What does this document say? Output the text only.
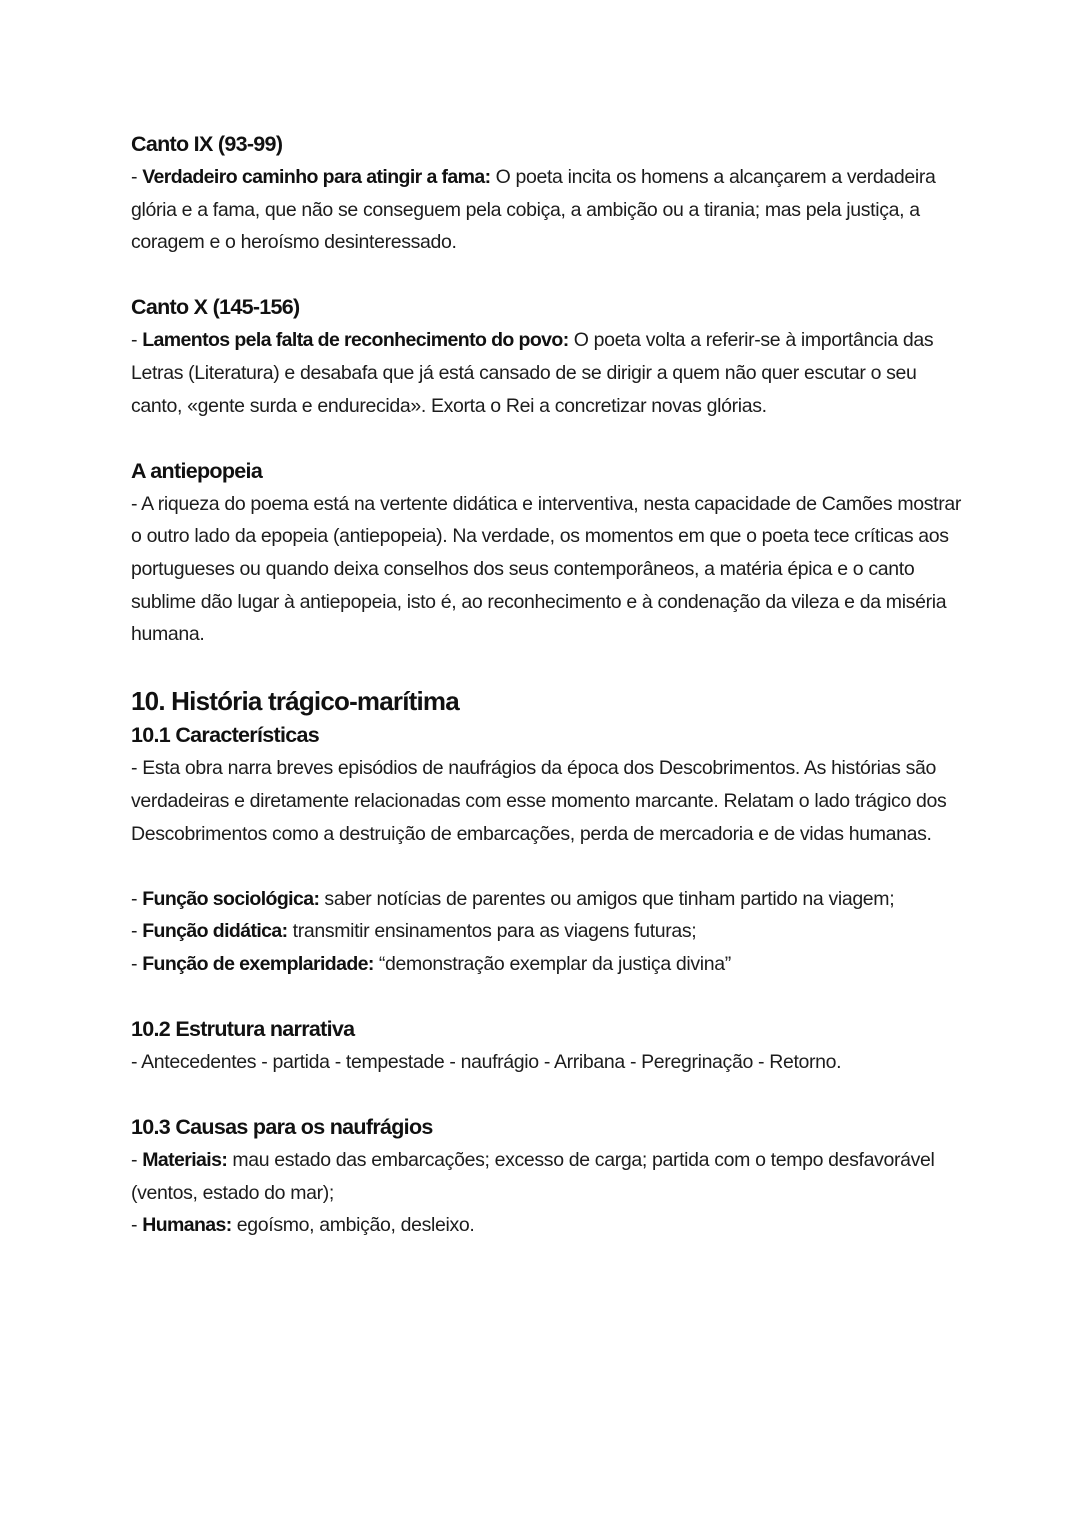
Canto IX (93-99)

- Verdadeiro caminho para atingir a fama: O poeta incita os homens a alcançarem a verdadeira glória e a fama, que não se conseguem pela cobiça, a ambição ou a tirania; mas pela justiça, a coragem e o heroísmo desinteressado.

Canto X (145-156)

- Lamentos pela falta de reconhecimento do povo: O poeta volta a referir-se à importância das Letras (Literatura) e desabafa que já está cansado de se dirigir a quem não quer escutar o seu canto, «gente surda e endurecida». Exorta o Rei a concretizar novas glórias.

A antiepopeia

- A riqueza do poema está na vertente didática e interventiva, nesta capacidade de Camões mostrar o outro lado da epopeia (antiepopeia). Na verdade, os momentos em que o poeta tece críticas aos portugueses ou quando deixa conselhos dos seus contemporâneos, a matéria épica e o canto sublime dão lugar à antiepopeia, isto é, ao reconhecimento e à condenação da vileza e da miséria humana.

10. História trágico-marítima
10.1 Características

- Esta obra narra breves episódios de naufrágios da época dos Descobrimentos. As histórias são verdadeiras e diretamente relacionadas com esse momento marcante. Relatam o lado trágico dos Descobrimentos como a destruição de embarcações, perda de mercadoria e de vidas humanas.

- Função sociológica: saber notícias de parentes ou amigos que tinham partido na viagem;

- Função didática: transmitir ensinamentos para as viagens futuras;

- Função de exemplaridade: “demonstração exemplar da justiça divina”

10.2 Estrutura narrativa

- Antecedentes - partida - tempestade - naufrágio - Arribana - Peregrinação - Retorno.

10.3 Causas para os naufrágios

- Materiais: mau estado das embarcações; excesso de carga; partida com o tempo desfavorável (ventos, estado do mar);

- Humanas: egoísmo, ambição, desleixo.
